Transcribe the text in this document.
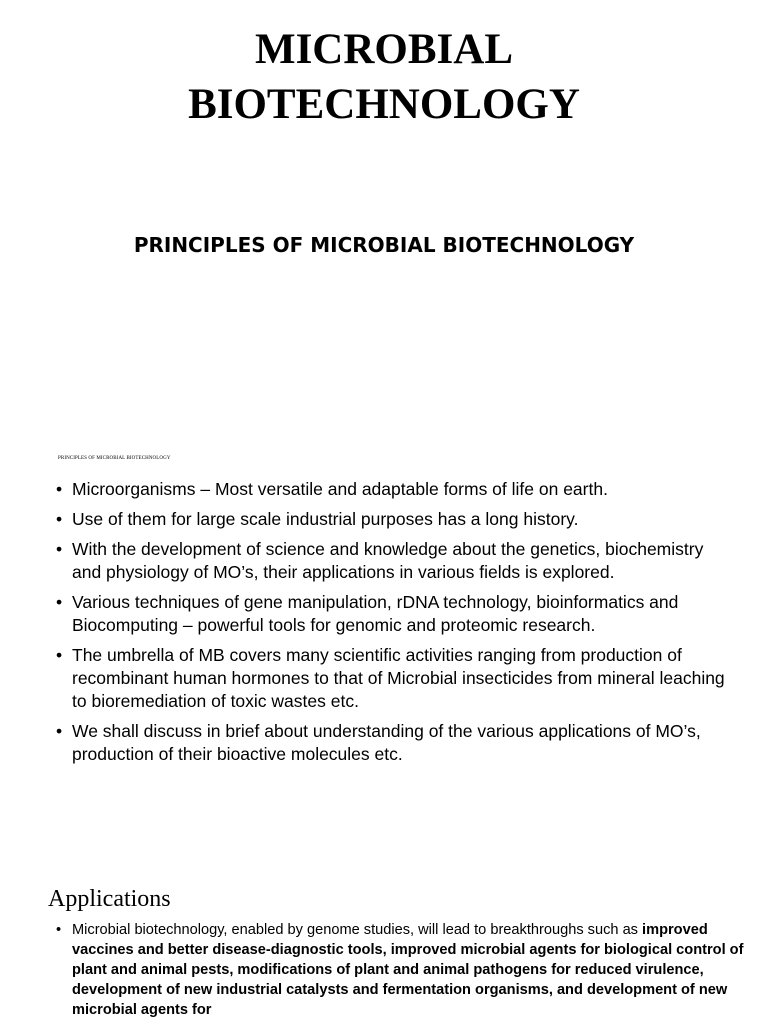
MICROBIAL
BIOTECHNOLOGY
PRINCIPLES OF MICROBIAL BIOTECHNOLOGY

PRINCIPLES OF MICROBIAL BIOTECHNOLOGY

• Microorganisms – Most versatile and adaptable forms of life on earth.
• Use of them for large scale industrial purposes has a long history.
• With the development of science and knowledge about the genetics, biochemistry and physiology of MO’s, their applications in various fields is explored.
• Various techniques of gene manipulation, rDNA technology, bioinformatics and Biocomputing – powerful tools for genomic and proteomic research.
• The umbrella of MB covers many scientific activities ranging from production of recombinant human hormones to that of Microbial insecticides from mineral leaching to bioremediation of toxic wastes etc.
• We shall discuss in brief about understanding of the various applications of MO’s, production of their bioactive molecules etc.
Applications

• Microbial biotechnology, enabled by genome studies, will lead to breakthroughs such as improved vaccines and better disease-diagnostic tools, improved microbial agents for biological control of plant and animal pests, modifications of plant and animal pathogens for reduced virulence, development of new industrial catalysts and fermentation organisms, and development of new microbial agents for
